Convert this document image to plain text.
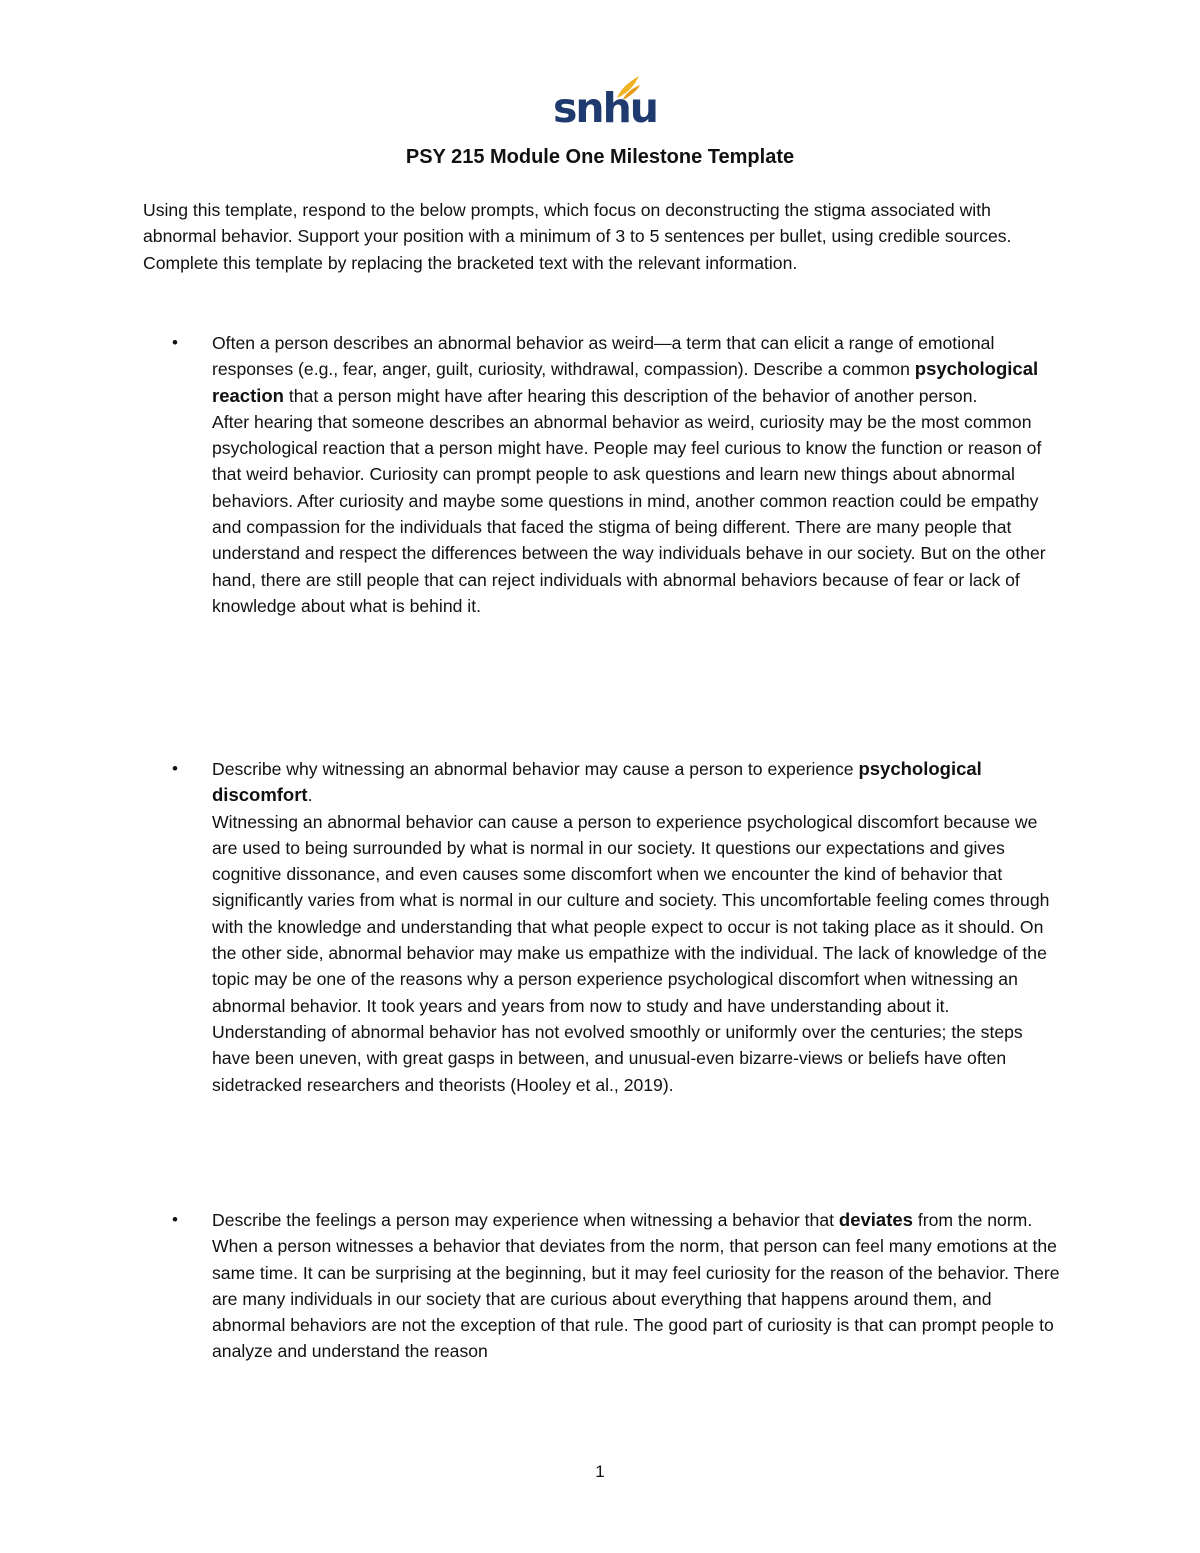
snhu
PSY 215 Module One Milestone Template

Using this template, respond to the below prompts, which focus on deconstructing the stigma associated with abnormal behavior. Support your position with a minimum of 3 to 5 sentences per bullet, using credible sources. Complete this template by replacing the bracketed text with the relevant information.

•	Often a person describes an abnormal behavior as weird—a term that can elicit a range of emotional responses (e.g., fear, anger, guilt, curiosity, withdrawal, compassion). Describe a common psychological reaction that a person might have after hearing this description of the behavior of another person.

After hearing that someone describes an abnormal behavior as weird, curiosity may be the most common psychological reaction that a person might have. People may feel curious to know the function or reason of that weird behavior. Curiosity can prompt people to ask questions and learn new things about abnormal behaviors. After curiosity and maybe some questions in mind, another common reaction could be empathy and compassion for the individuals that faced the stigma of being different. There are many people that understand and respect the differences between the way individuals behave in our society. But on the other hand, there are still people that can reject individuals with abnormal behaviors because of fear or lack of knowledge about what is behind it.

•	Describe why witnessing an abnormal behavior may cause a person to experience psychological discomfort.

Witnessing an abnormal behavior can cause a person to experience psychological discomfort because we are used to being surrounded by what is normal in our society. It questions our expectations and gives cognitive dissonance, and even causes some discomfort when we encounter the kind of behavior that significantly varies from what is normal in our culture and society. This uncomfortable feeling comes through with the knowledge and understanding that what people expect to occur is not taking place as it should. On the other side, abnormal behavior may make us empathize with the individual. The lack of knowledge of the topic may be one of the reasons why a person experience psychological discomfort when witnessing an abnormal behavior. It took years and years from now to study and have understanding about it. Understanding of abnormal behavior has not evolved smoothly or uniformly over the centuries; the steps have been uneven, with great gasps in between, and unusual-even bizarre-views or beliefs have often sidetracked researchers and theorists (Hooley et al., 2019).

•	Describe the feelings a person may experience when witnessing a behavior that deviates from the norm.

When a person witnesses a behavior that deviates from the norm, that person can feel many emotions at the same time. It can be surprising at the beginning, but it may feel curiosity for the reason of the behavior. There are many individuals in our society that are curious about everything that happens around them, and abnormal behaviors are not the exception of that rule. The good part of curiosity is that can prompt people to analyze and understand the reason

1
